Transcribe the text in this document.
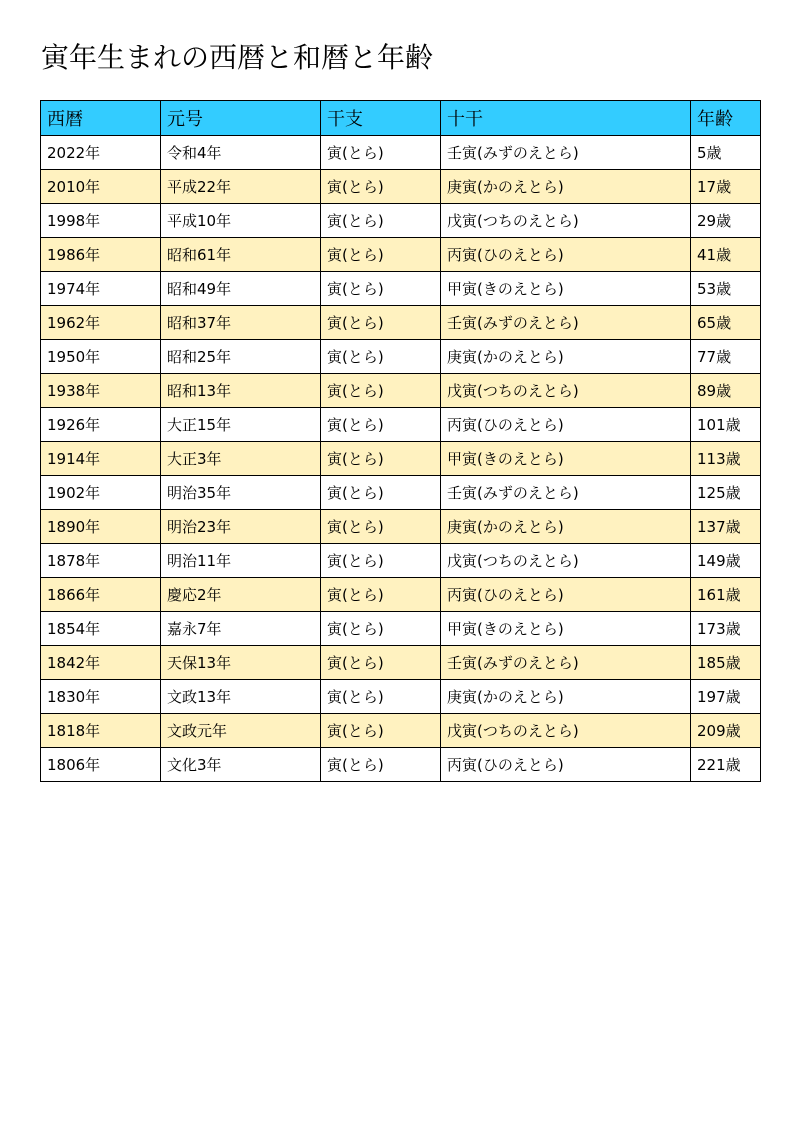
寅年生まれの西暦と和暦と年齢
西暦	元号	干支	十干	年齢
2022年	令和4年	寅(とら)	壬寅(みずのえとら)	5歳
2010年	平成22年	寅(とら)	庚寅(かのえとら)	17歳
1998年	平成10年	寅(とら)	戊寅(つちのえとら)	29歳
1986年	昭和61年	寅(とら)	丙寅(ひのえとら)	41歳
1974年	昭和49年	寅(とら)	甲寅(きのえとら)	53歳
1962年	昭和37年	寅(とら)	壬寅(みずのえとら)	65歳
1950年	昭和25年	寅(とら)	庚寅(かのえとら)	77歳
1938年	昭和13年	寅(とら)	戊寅(つちのえとら)	89歳
1926年	大正15年	寅(とら)	丙寅(ひのえとら)	101歳
1914年	大正3年	寅(とら)	甲寅(きのえとら)	113歳
1902年	明治35年	寅(とら)	壬寅(みずのえとら)	125歳
1890年	明治23年	寅(とら)	庚寅(かのえとら)	137歳
1878年	明治11年	寅(とら)	戊寅(つちのえとら)	149歳
1866年	慶応2年	寅(とら)	丙寅(ひのえとら)	161歳
1854年	嘉永7年	寅(とら)	甲寅(きのえとら)	173歳
1842年	天保13年	寅(とら)	壬寅(みずのえとら)	185歳
1830年	文政13年	寅(とら)	庚寅(かのえとら)	197歳
1818年	文政元年	寅(とら)	戊寅(つちのえとら)	209歳
1806年	文化3年	寅(とら)	丙寅(ひのえとら)	221歳
